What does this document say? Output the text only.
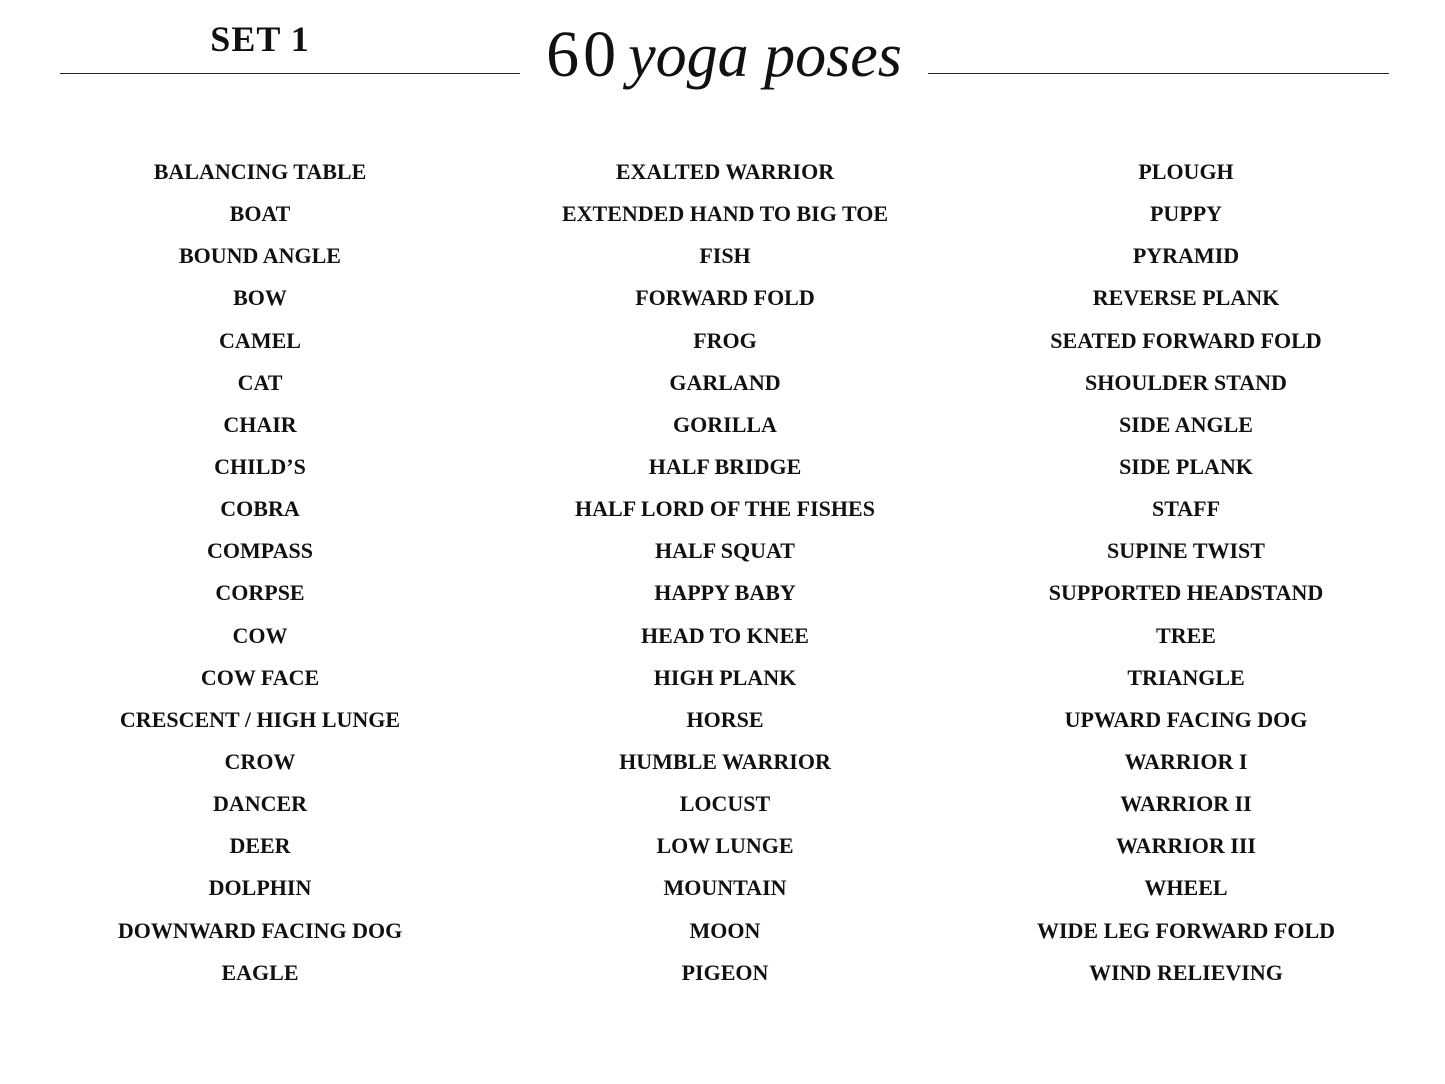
SET 1	60 yoga poses
BALANCING TABLE
BOAT
BOUND ANGLE
BOW
CAMEL
CAT
CHAIR
CHILD’S
COBRA
COMPASS
CORPSE
COW
COW FACE
CRESCENT / HIGH LUNGE
CROW
DANCER
DEER
DOLPHIN
DOWNWARD FACING DOG
EAGLE
EXALTED WARRIOR
EXTENDED HAND TO BIG TOE
FISH
FORWARD FOLD
FROG
GARLAND
GORILLA
HALF BRIDGE
HALF LORD OF THE FISHES
HALF SQUAT
HAPPY BABY
HEAD TO KNEE
HIGH PLANK
HORSE
HUMBLE WARRIOR
LOCUST
LOW LUNGE
MOUNTAIN
MOON
PIGEON
PLOUGH
PUPPY
PYRAMID
REVERSE PLANK
SEATED FORWARD FOLD
SHOULDER STAND
SIDE ANGLE
SIDE PLANK
STAFF
SUPINE TWIST
SUPPORTED HEADSTAND
TREE
TRIANGLE
UPWARD FACING DOG
WARRIOR I
WARRIOR II
WARRIOR III
WHEEL
WIDE LEG FORWARD FOLD
WIND RELIEVING
